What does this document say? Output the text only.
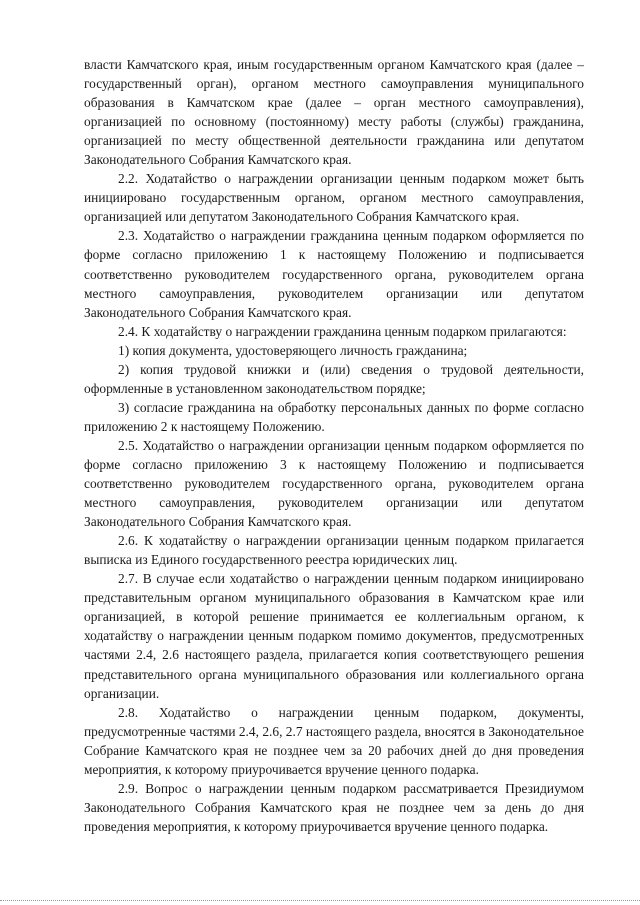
власти Камчатского края, иным государственным органом Камчатского края (далее – государственный орган), органом местного самоуправления муниципального образования в Камчатском крае (далее – орган местного самоуправления), организацией по основному (постоянному) месту работы (службы) гражданина, организацией по месту общественной деятельности гражданина или депутатом Законодательного Собрания Камчатского края.

2.2. Ходатайство о награждении организации ценным подарком может быть инициировано государственным органом, органом местного самоуправления, организацией или депутатом Законодательного Собрания Камчатского края.

2.3. Ходатайство о награждении гражданина ценным подарком оформляется по форме согласно приложению 1 к настоящему Положению и подписывается соответственно руководителем государственного органа, руководителем органа местного самоуправления, руководителем организации или депутатом Законодательного Собрания Камчатского края.

2.4. К ходатайству о награждении гражданина ценным подарком прилагаются:

1) копия документа, удостоверяющего личность гражданина;

2) копия трудовой книжки и (или) сведения о трудовой деятельности, оформленные в установленном законодательством порядке;

3) согласие гражданина на обработку персональных данных по форме согласно приложению 2 к настоящему Положению.

2.5. Ходатайство о награждении организации ценным подарком оформляется по форме согласно приложению 3 к настоящему Положению и подписывается соответственно руководителем государственного органа, руководителем органа местного самоуправления, руководителем организации или депутатом Законодательного Собрания Камчатского края.

2.6. К ходатайству о награждении организации ценным подарком прилагается выписка из Единого государственного реестра юридических лиц.

2.7. В случае если ходатайство о награждении ценным подарком инициировано представительным органом муниципального образования в Камчатском крае или организацией, в которой решение принимается ее коллегиальным органом, к ходатайству о награждении ценным подарком помимо документов, предусмотренных частями 2.4, 2.6 настоящего раздела, прилагается копия соответствующего решения представительного органа муниципального образования или коллегиального органа организации.

2.8. Ходатайство о награждении ценным подарком, документы, предусмотренные частями 2.4, 2.6, 2.7 настоящего раздела, вносятся в Законодательное Собрание Камчатского края не позднее чем за 20 рабочих дней до дня проведения мероприятия, к которому приурочивается вручение ценного подарка.

2.9. Вопрос о награждении ценным подарком рассматривается Президиумом Законодательного Собрания Камчатского края не позднее чем за день до дня проведения мероприятия, к которому приурочивается вручение ценного подарка.
